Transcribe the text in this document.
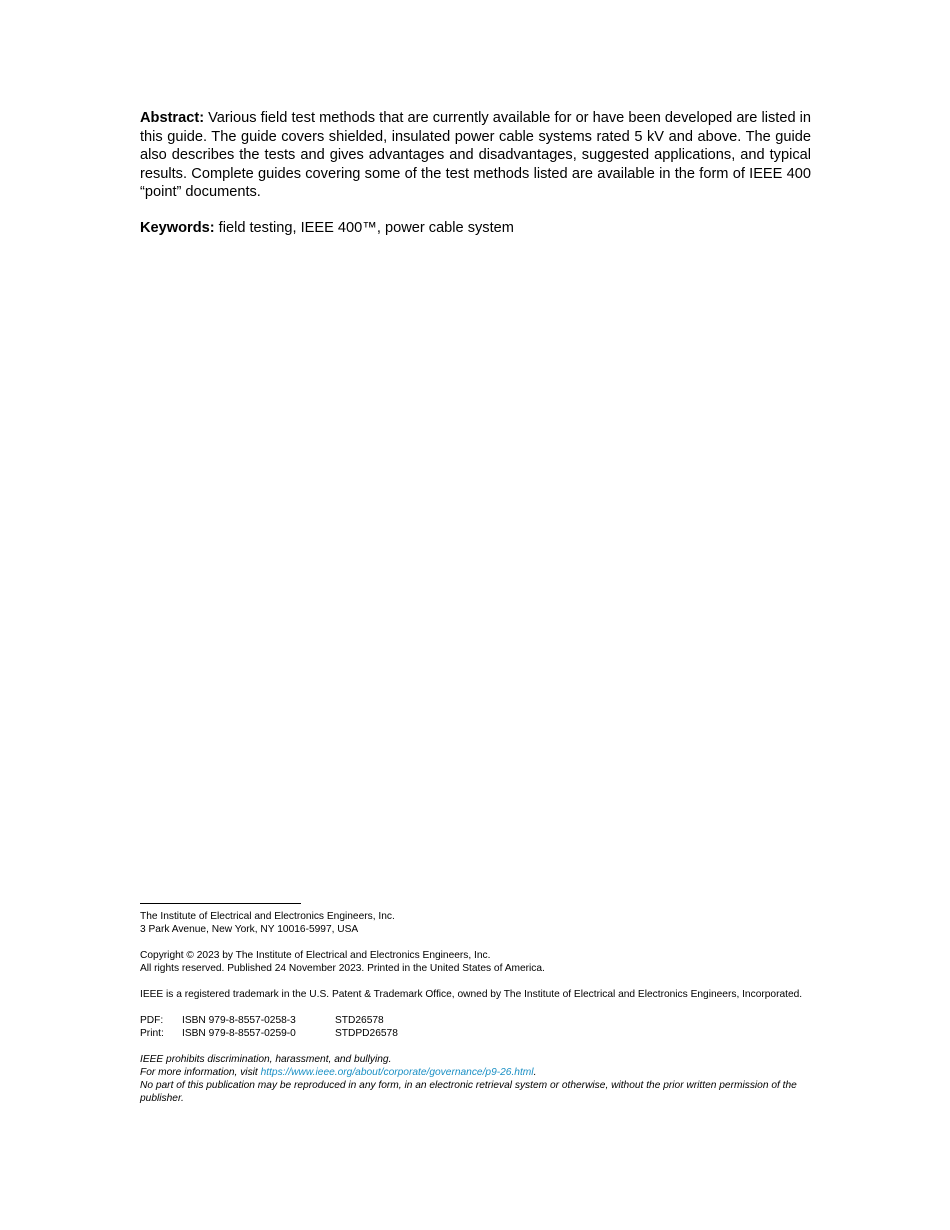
Abstract: Various field test methods that are currently available for or have been developed are listed in this guide. The guide covers shielded, insulated power cable systems rated 5 kV and above. The guide also describes the tests and gives advantages and disadvantages, suggested applications, and typical results. Complete guides covering some of the test methods listed are available in the form of IEEE 400 “point” documents.

Keywords: field testing, IEEE 400™, power cable system

The Institute of Electrical and Electronics Engineers, Inc.
3 Park Avenue, New York, NY 10016-5997, USA
Copyright © 2023 by The Institute of Electrical and Electronics Engineers, Inc.
All rights reserved. Published 24 November 2023. Printed in the United States of America.
IEEE is a registered trademark in the U.S. Patent & Trademark Office, owned by The Institute of Electrical and Electronics Engineers, Incorporated.
PDF:	ISBN 979-8-8557-0258-3	STD26578
Print:	ISBN 979-8-8557-0259-0	STDPD26578
IEEE prohibits discrimination, harassment, and bullying.
For more information, visit https://www.ieee.org/about/corporate/governance/p9-26.html.
No part of this publication may be reproduced in any form, in an electronic retrieval system or otherwise, without the prior written permission of the publisher.
